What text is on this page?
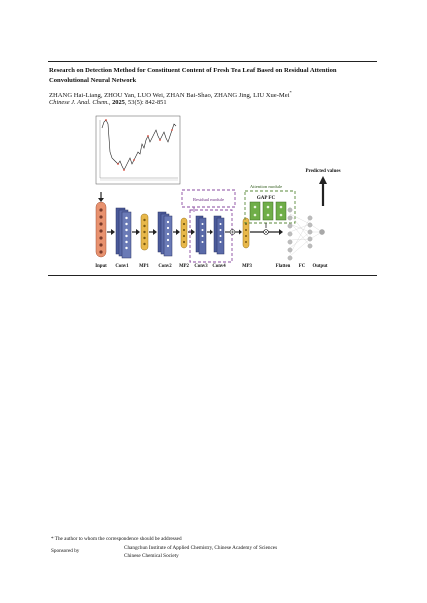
Research on Detection Method for Constituent Content of Fresh Tea Leaf Based on Residual Attention Convolutional Neural Network
ZHANG Hai-Liang, ZHOU Yan, LUO Wei, ZHAN Bai-Shao, ZHANG Jing, LIU Xue-Mei*
Chinese J. Anal. Chem., 2025, 53(5): 842-851
Residual module
Attention module
GAP FC
Predicted values
Input Conv1 MP1 Conv2 MP2 Conv3 Conv4	MP3	Flatten FC Output
* The author to whom the correspondence should be addressed
Sponsored by	Changchun Institute of Applied Chemistry, Chinese Academy of Sciences
Chinese Chemical Society
